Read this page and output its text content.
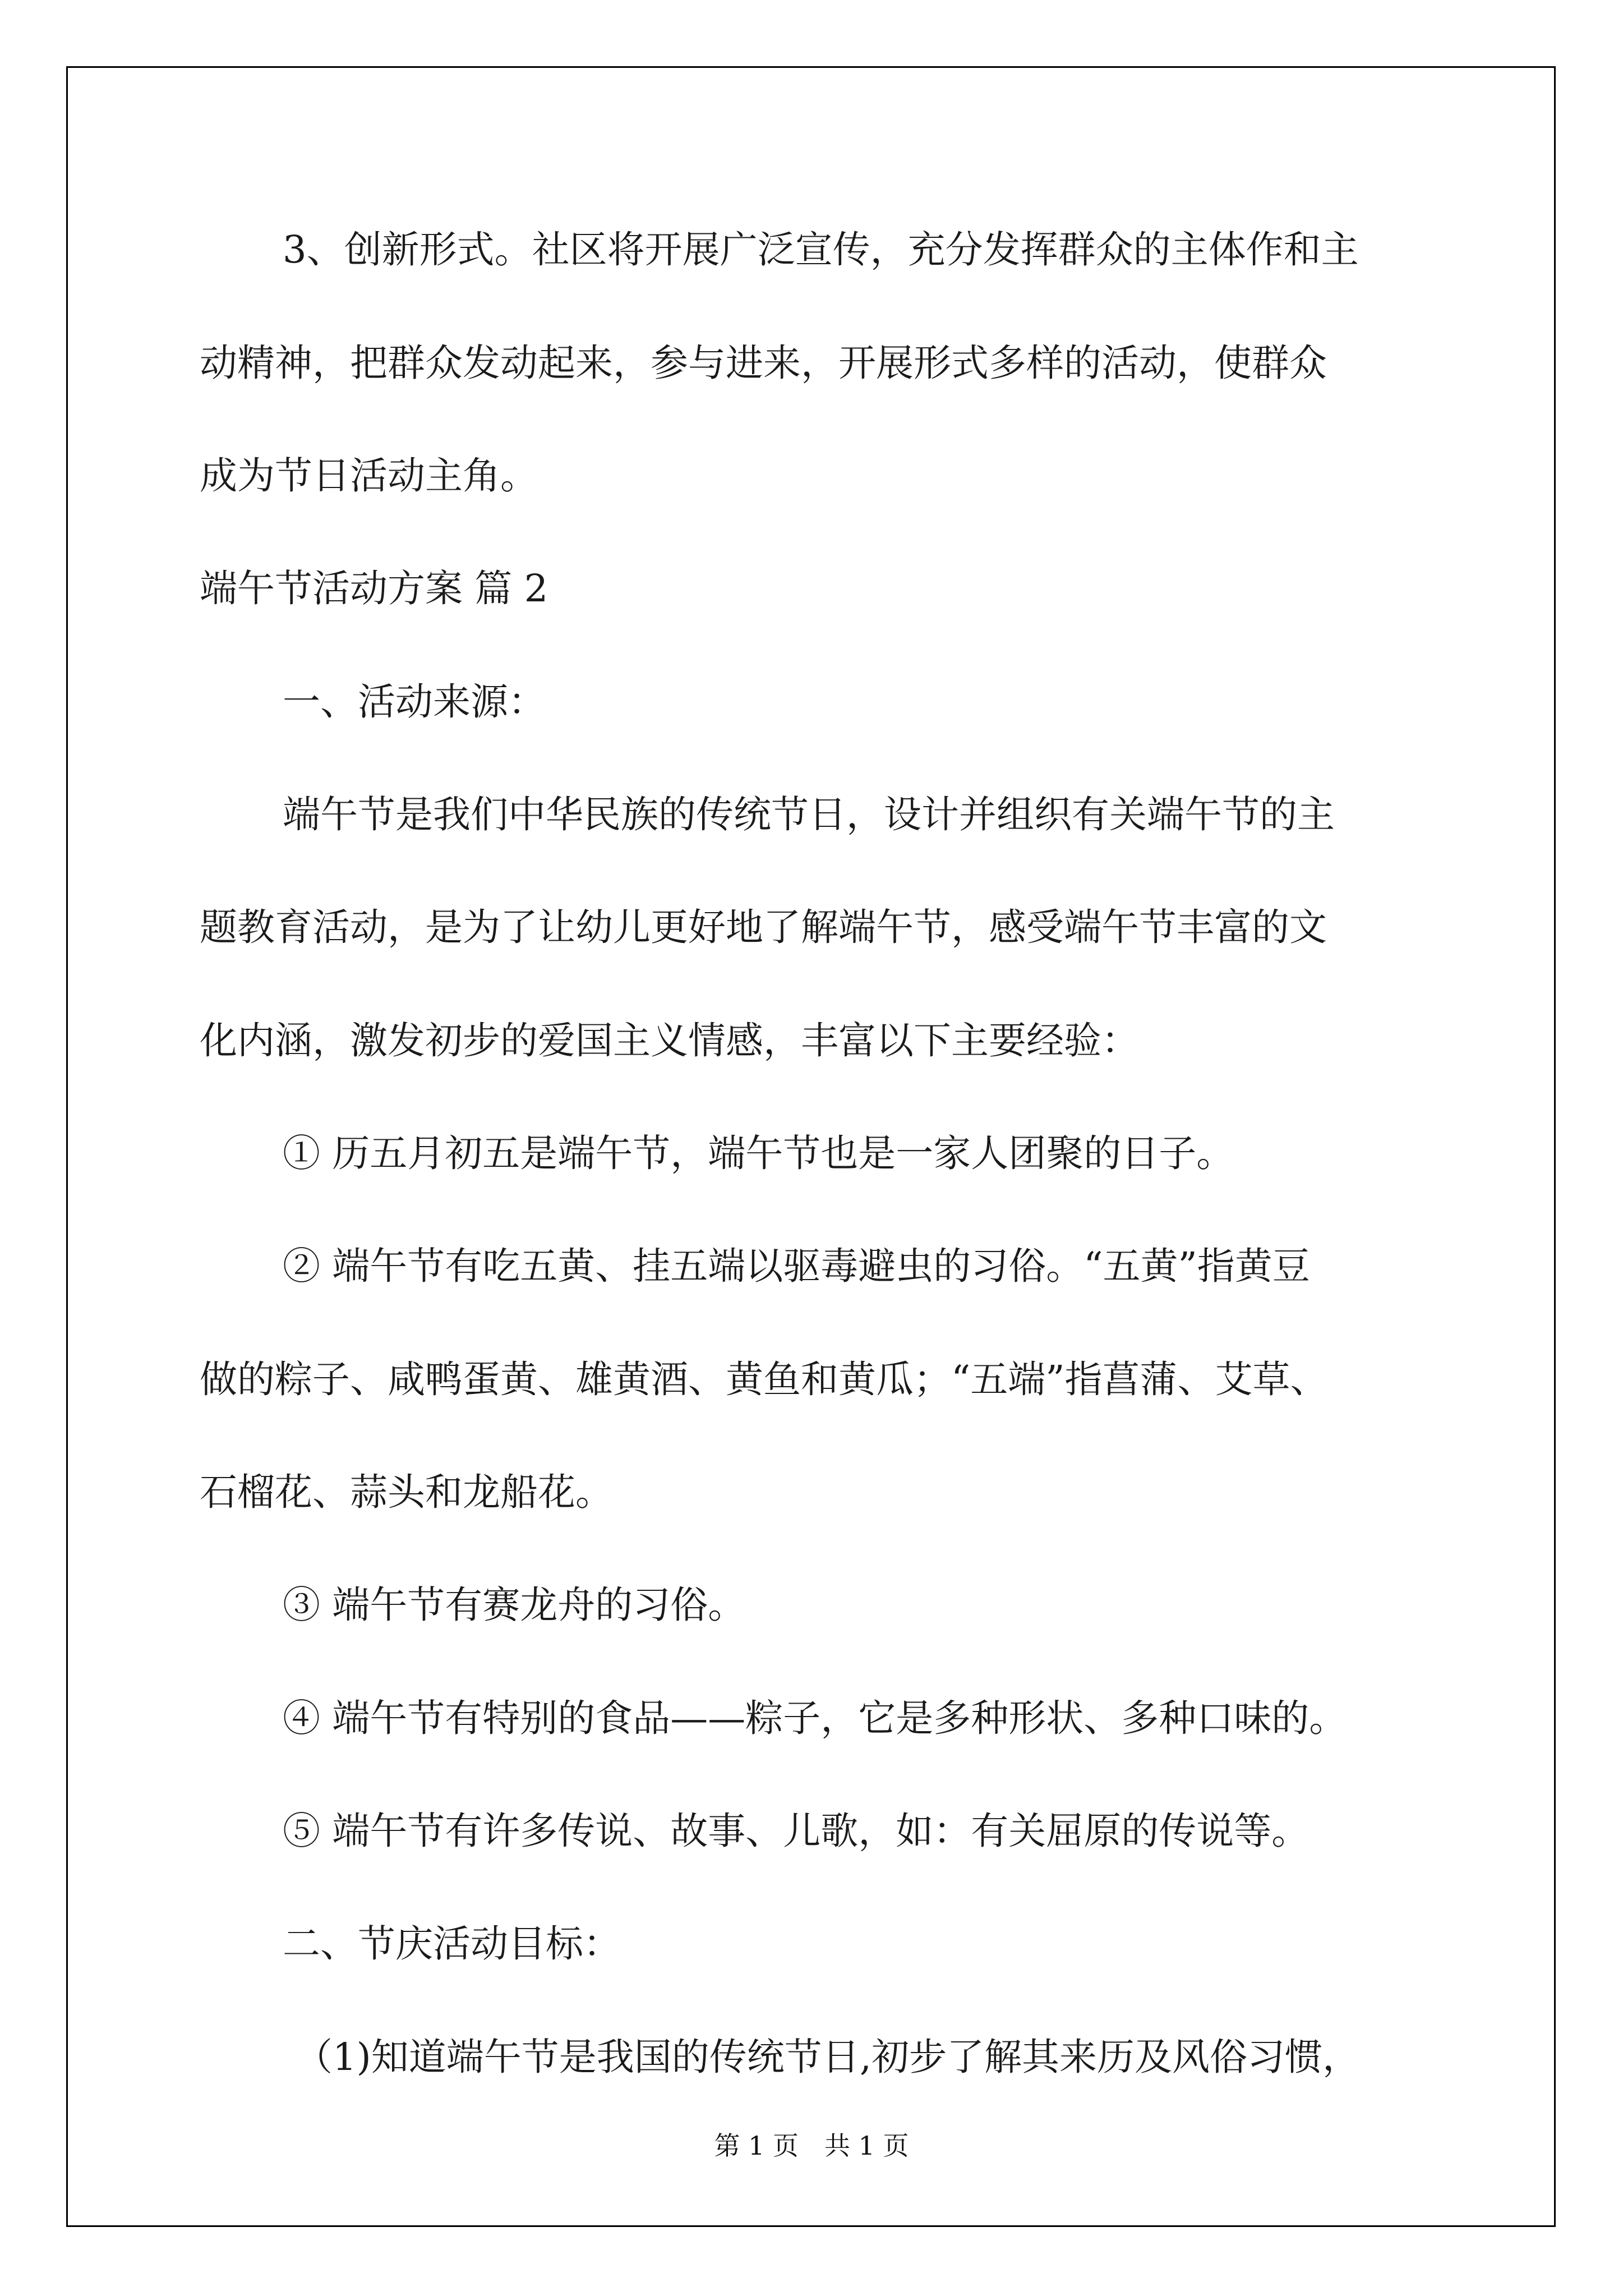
3、创新形式。社区将开展广泛宣传，充分发挥群众的主体作和主

动精神，把群众发动起来，参与进来，开展形式多样的活动，使群众

成为节日活动主角。

端午节活动方案 篇 2

一、活动来源：

端午节是我们中华民族的传统节日，设计并组织有关端午节的主

题教育活动，是为了让幼儿更好地了解端午节，感受端午节丰富的文

化内涵，激发初步的爱国主义情感，丰富以下主要经验：

① 历五月初五是端午节，端午节也是一家人团聚的日子。

② 端午节有吃五黄、挂五端以驱毒避虫的习俗。“五黄”指黄豆

做的粽子、咸鸭蛋黄、雄黄酒、黄鱼和黄瓜；“五端”指菖蒲、艾草、

石榴花、蒜头和龙船花。

③ 端午节有赛龙舟的习俗。

④ 端午节有特别的食品——粽子，它是多种形状、多种口味的。

⑤ 端午节有许多传说、故事、儿歌，如：有关屈原的传说等。

二、节庆活动目标：

（1)知道端午节是我国的传统节日,初步了解其来历及风俗习惯，

第 1 页　共 1 页
